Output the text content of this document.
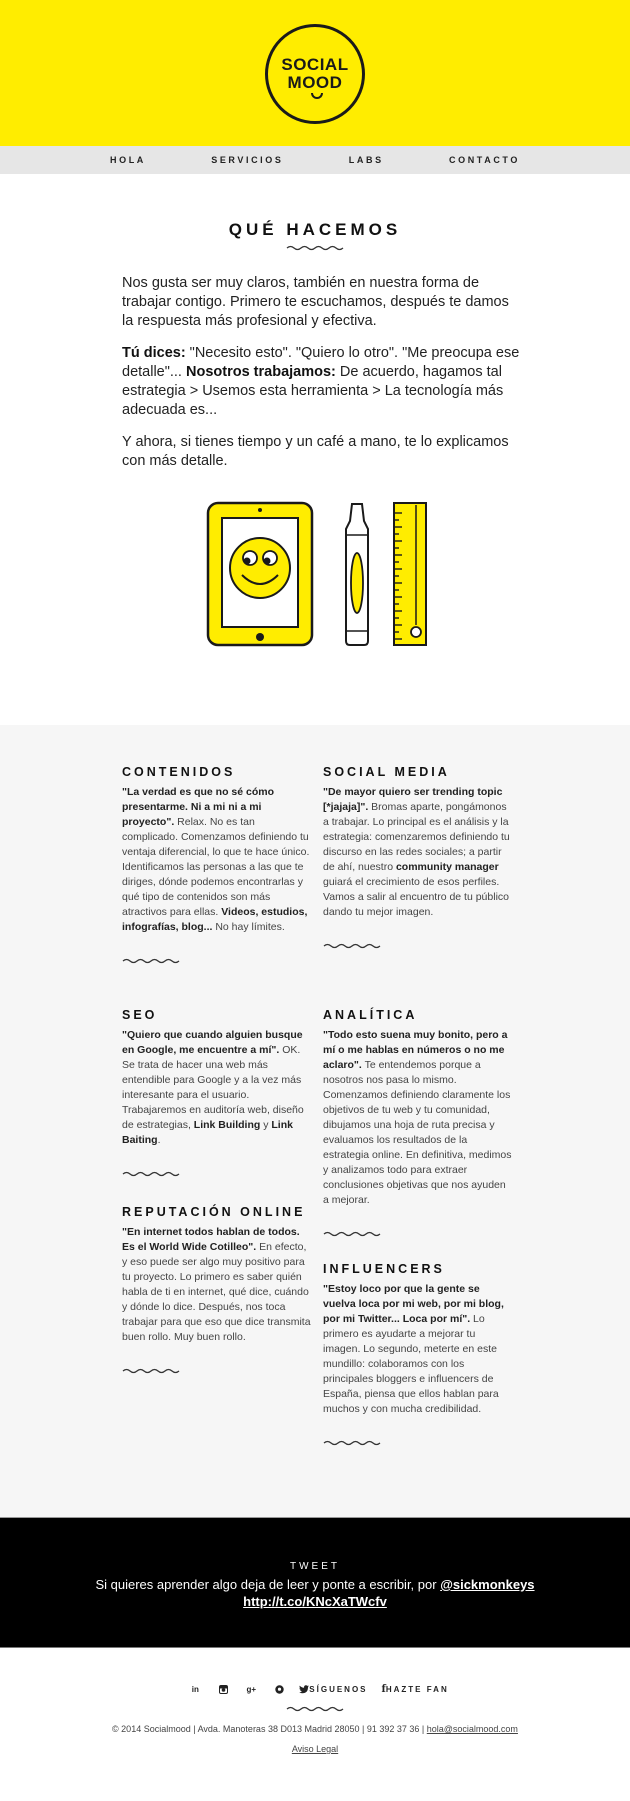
SOCIAL
MOOD
HOLA	SERVICIOS	LABS	CONTACTO
QUÉ HACEMOS

Nos gusta ser muy claros, también en nuestra forma de trabajar contigo. Primero te escuchamos, después te damos la respuesta más profesional y efectiva.

Tú dices: "Necesito esto". "Quiero lo otro". "Me preocupa ese detalle"... Nosotros trabajamos: De acuerdo, hagamos tal estrategia > Usemos esta herramienta > La tecnología más adecuada es...

Y ahora, si tienes tiempo y un café a mano, te lo explicamos con más detalle.

CONTENIDOS

"La verdad es que no sé cómo presentarme. Ni a mi ni a mi proyecto". Relax. No es tan complicado. Comenzamos definiendo tu ventaja diferencial, lo que te hace único. Identificamos las personas a las que te diriges, dónde podemos encontrarlas y qué tipo de contenidos son más atractivos para ellas. Videos, estudios, infografías, blog... No hay límites.

SOCIAL MEDIA

"De mayor quiero ser trending topic [*jajaja]". Bromas aparte, pongámonos a trabajar. Lo principal es el análisis y la estrategia: comenzaremos definiendo tu discurso en las redes sociales; a partir de ahí, nuestro community manager guiará el crecimiento de esos perfiles. Vamos a salir al encuentro de tu público dando tu mejor imagen.

SEO

"Quiero que cuando alguien busque en Google, me encuentre a mí". OK. Se trata de hacer una web más entendible para Google y a la vez más interesante para el usuario. Trabajaremos en auditoría web, diseño de estrategias, Link Building y Link Baiting.

ANALÍTICA

"Todo esto suena muy bonito, pero a mí o me hablas en números o no me aclaro". Te entendemos porque a nosotros nos pasa lo mismo. Comenzamos definiendo claramente los objetivos de tu web y tu comunidad, dibujamos una hoja de ruta precisa y evaluamos los resultados de la estrategia online. En definitiva, medimos y analizamos todo para extraer conclusiones objetivas que nos ayuden a mejorar.

REPUTACIÓN ONLINE

"En internet todos hablan de todos. Es el World Wide Cotilleo". En efecto, y eso puede ser algo muy positivo para tu proyecto. Lo primero es saber quién habla de ti en internet, qué dice, cuándo y dónde lo dice. Después, nos toca trabajar para que eso que dice transmita buen rollo. Muy buen rollo.

INFLUENCERS

"Estoy loco por que la gente se vuelva loca por mi web, por mi blog, por mi Twitter... Loca por mí". Lo primero es ayudarte a mejorar tu imagen. Lo segundo, meterte en este mundillo: colaboramos con los principales bloggers e influencers de España, piensa que ellos hablan para muchos y con mucha credibilidad.

TWEET
Si quieres aprender algo deja de leer y ponte a escribir, por @sickmonkeys
http://t.co/KNcXaTWcfv
in	g+	SÍGUENOS f HAZTE FAN
© 2014 Socialmood | Avda. Manoteras 38 D013 Madrid 28050 | 91 392 37 36 | hola@socialmood.com
Aviso Legal
